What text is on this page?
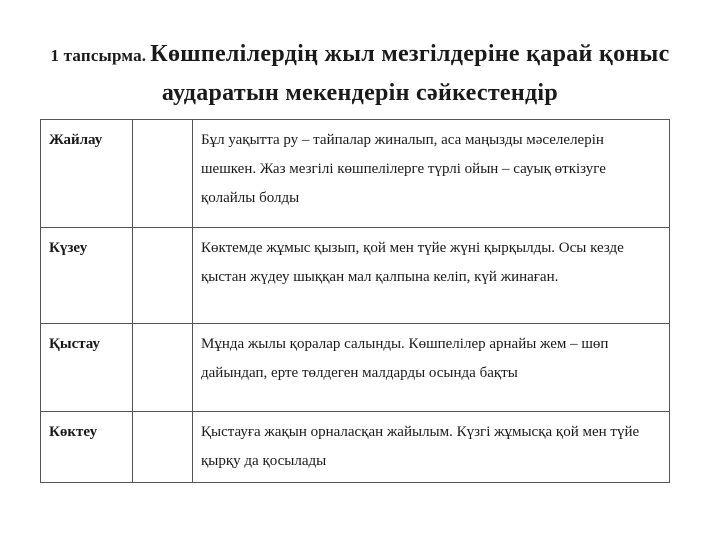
1 тапсырма. Көшпелілердің жыл мезгілдеріне қарай қоныс
аударатын мекендерін сәйкестендір
Жайлау		Бұл уақытта ру – тайпалар жиналып, аса маңызды мәселелерін шешкен. Жаз мезгілі көшпелілерге түрлі ойын – сауық өткізуге қолайлы болды
Күзеу		Көктемде жұмыс қызып, қой мен түйе жүні қырқылды. Осы кезде қыстан жүдеу шыққан мал қалпына келіп, күй жинаған.
Қыстау		Мұнда жылы қоралар салынды. Көшпелілер арнайы жем – шөп дайындап, ерте төлдеген малдарды осында бақты
Көктеу		Қыстауға жақын орналасқан жайылым. Күзгі жұмысқа қой мен түйе қырқу да қосылады
